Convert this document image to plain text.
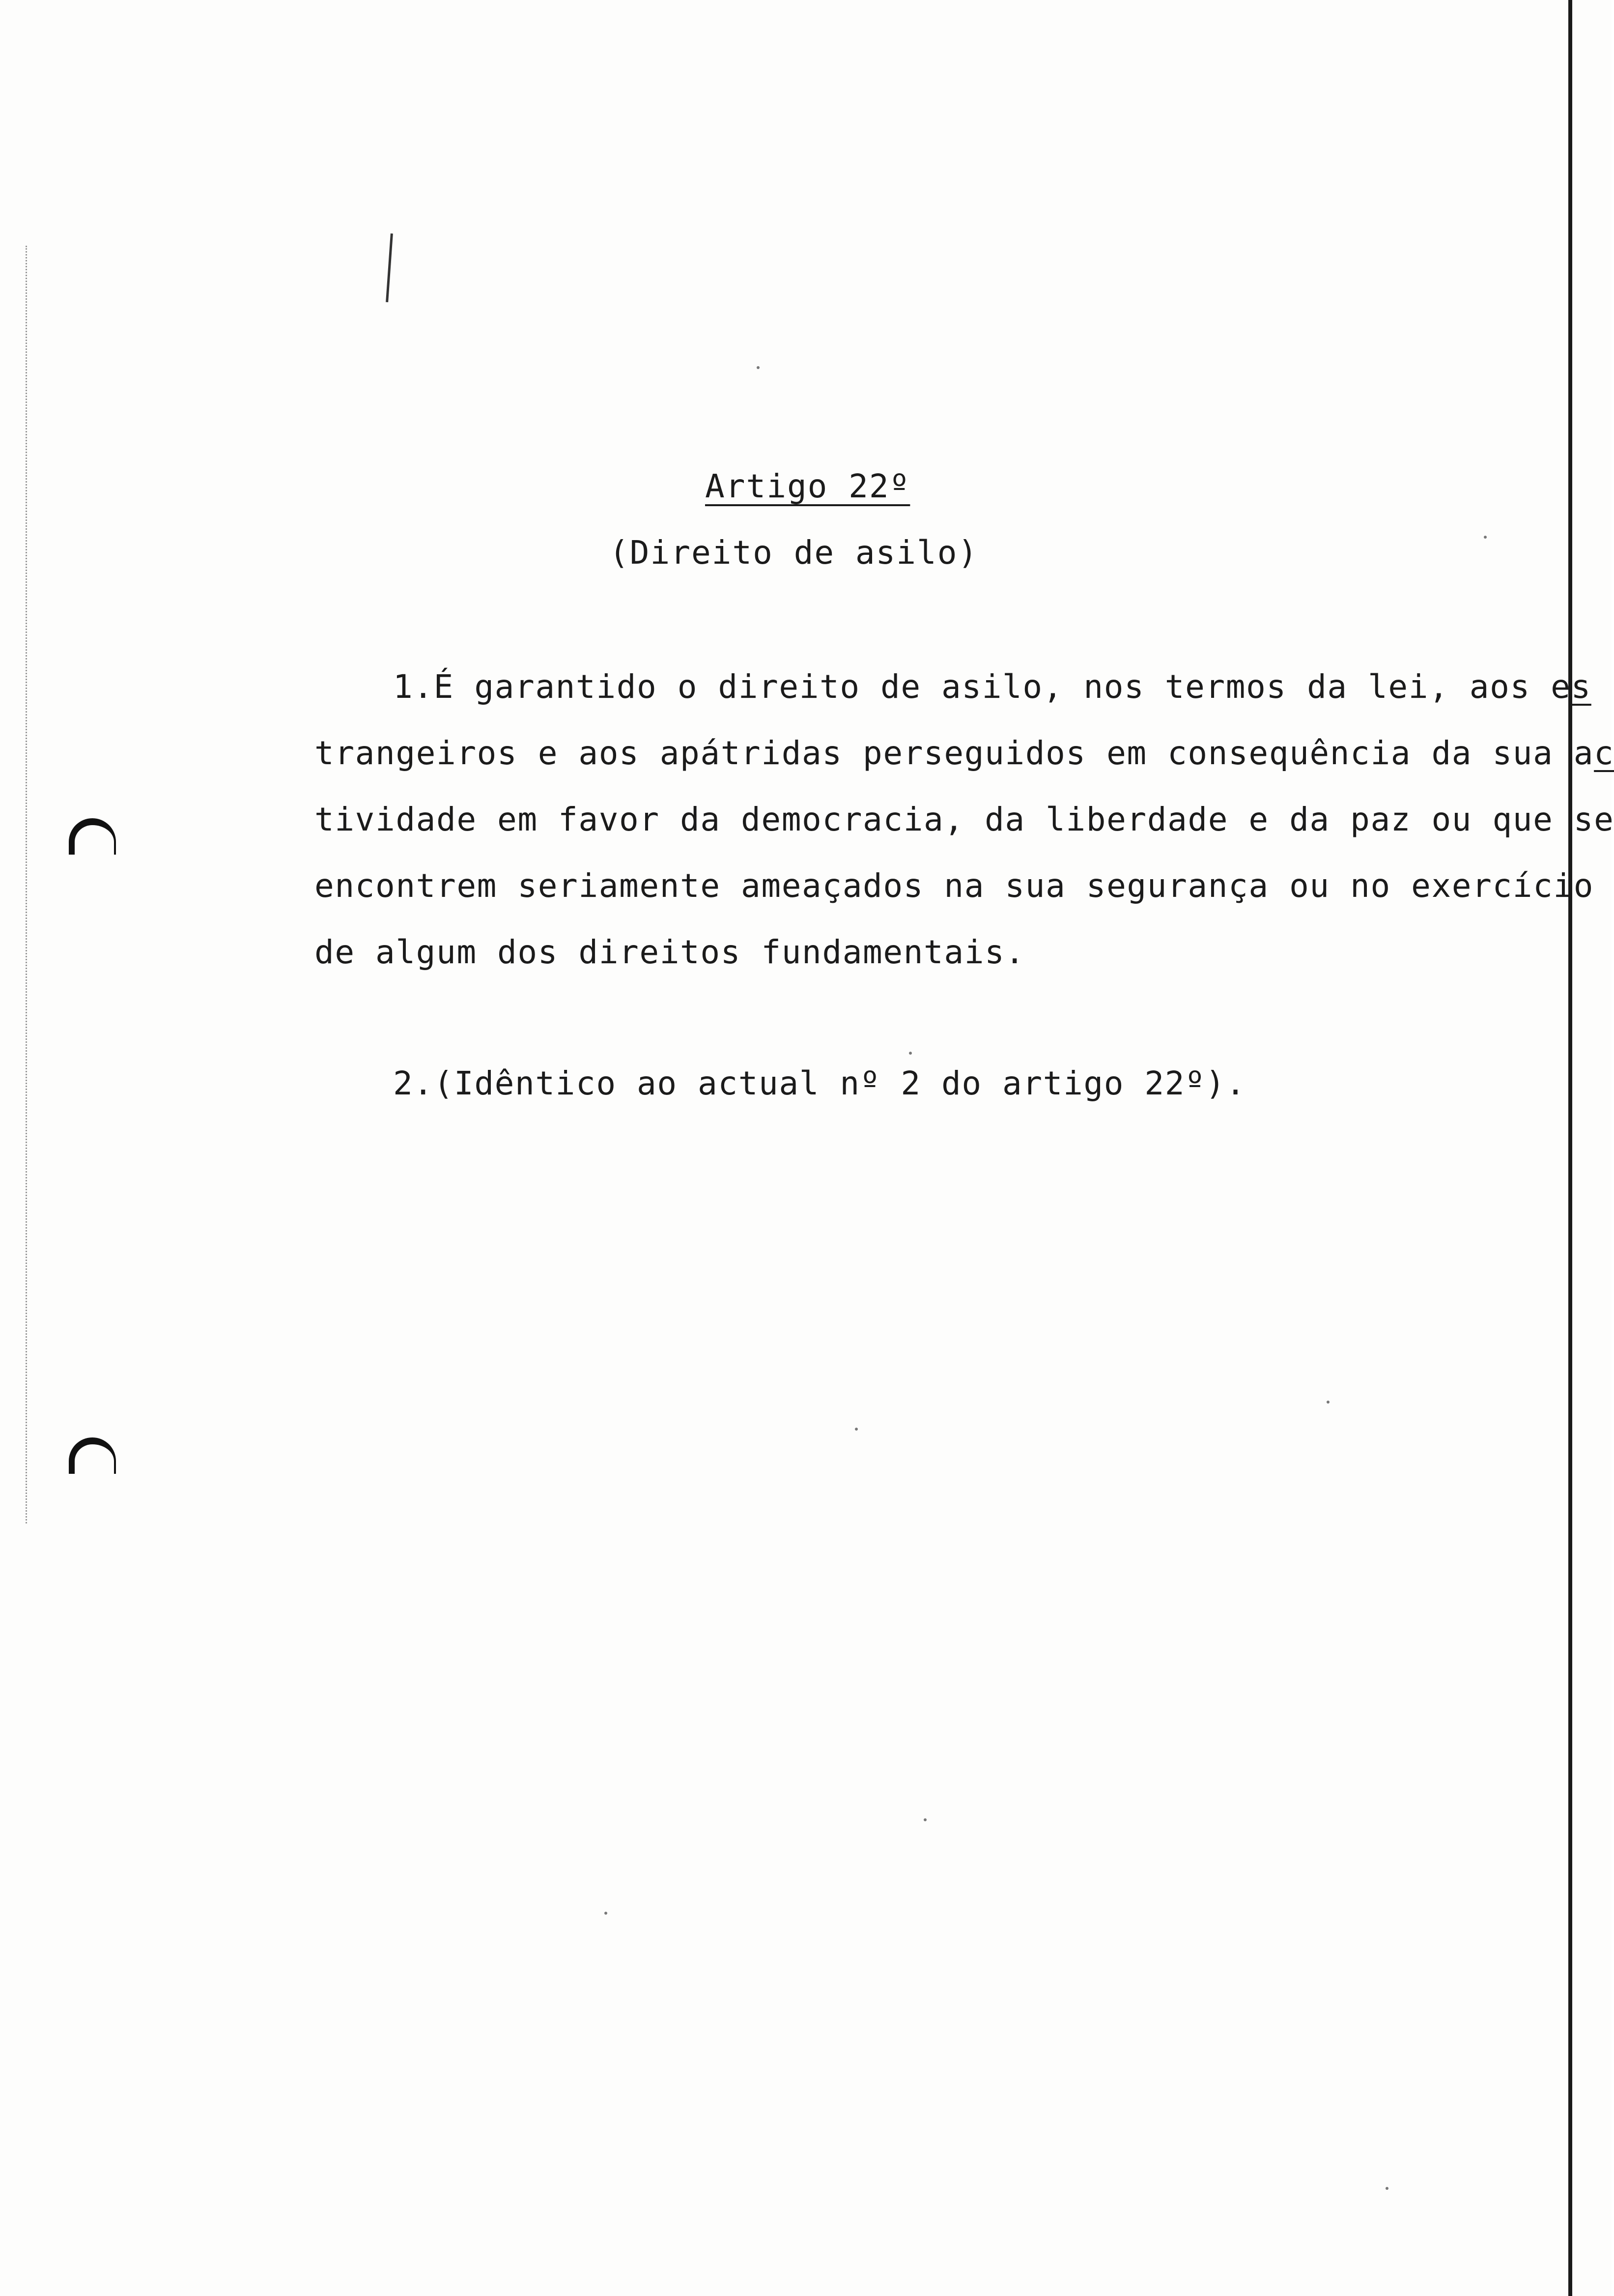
Artigo 22º
(Direito de asilo)
1.É garantido o direito de asilo, nos termos da lei, aos es
trangeiros e aos apátridas perseguidos em consequência da sua ac
tividade em favor da democracia, da liberdade e da paz ou que se
encontrem seriamente ameaçados na sua segurança ou no exercício
de algum dos direitos fundamentais.
2.(Idêntico ao actual nº 2 do artigo 22º).
